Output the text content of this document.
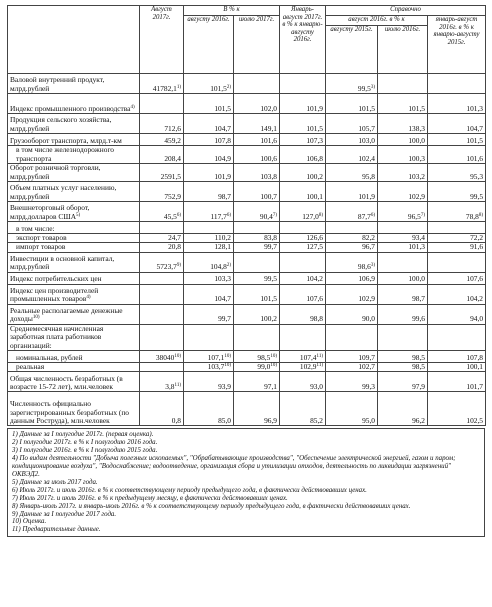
	Август 2017г.	В % к		Январь-август 2017г. в % к январю-августу 2016г.	Справочно		
		августу 2016г.	июлю 2017г.		август 2016г. в % к		январь-август 2016г. в % к январю-августу 2015г.
					августу 2015г.	июлю 2016г.	
Валовой внутренний продукт, млрд.рублей	41782,1$^{1)}$	101,5$^{2)}$			99,5$^{3)}$		
Индекс промышленного производства$^{4)}$		101,5	102,0	101,9	101,5	101,5	101,3
Продукция сельского хозяйства, млрд.рублей	712,6	104,7	149,1	101,5	105,7	138,3	104,7
Грузооборот транспорта, млрд.т-км	459,2	107,8	101,6	107,3	103,0	100,0	101,5
в том числе железнодорожного транспорта	208,4	104,9	100,6	106,8	102,4	100,3	101,6
Оборот розничной торговли, млрд.рублей	2591,5	101,9	103,8	100,2	95,8	103,2	95,3
Объем платных услуг населению, млрд.рублей	752,9	98,7	100,7	100,1	101,9	102,9	99,5
Внешнеторговый оборот, млрд.долларов США$^{5)}$	45,5$^{6)}$	117,7$^{6)}$	90,4$^{7)}$	127,0$^{8)}$	87,7$^{6)}$	96,5$^{7)}$	78,8$^{8)}$
в том числе:							
экспорт товаров	24,7	110,2	83,8	126,6	82,2	93,4	72,2
импорт товаров	20,8	128,1	99,7	127,5	96,7	101,3	91,6
Инвестиции в основной капитал, млрд.рублей	5723,7$^{9)}$	104,8$^{2)}$			98,6$^{3)}$		
Индекс потребительских цен		103,3	99,5	104,2	106,9	100,0	107,6
Индекс цен производителей промышленных товаров$^{4)}$		104,7	101,5	107,6	102,9	98,7	104,2
Реальные располагаемые денежные доходы$^{10)}$		99,7	100,2	98,8	90,0	99,6	94,0
Среднемесячная начисленная заработная плата работников организаций:							
номинальная, рублей	38040$^{10)}$	107,1$^{10)}$	98,5$^{10)}$	107,4$^{11)}$	109,7	98,5	107,8
реальная		103,7$^{10)}$	99,0$^{10)}$	102,9$^{11)}$	102,7	98,5	100,1
Общая численность безработных (в возрасте 15-72 лет), млн.человек	3,8$^{11)}$	93,9	97,1	93,0	99,3	97,9	101,7
Численность официально зарегистрированных безработных (по данным Роструда), млн.человек	0,8	85,0	96,9	85,2	95,0	96,2	102,5
1) Данные за I полугодие 2017г. (первая оценка).
2) I полугодие 2017г. в % к I полугодию 2016 года.
3) I полугодие 2016г. в % к I полугодию 2015 года.
4) По видам деятельности "Добыча полезных ископаемых", "Обрабатывающие производства", "Обеспечение электрической энергией, газом и паром; кондиционирование воздуха", "Водоснабжение; водоотведение, организация сбора и утилизации отходов, деятельность по ликвидации загрязнений" ОКВЭД2.
5) Данные за июль 2017 года.
6) Июль 2017г. и июль 2016г. в % к соответствующему периоду предыдущего года, в фактически действовавших ценах.
7) Июль 2017г. и июль 2016г. в % к предыдущему месяцу, в фактически действовавших ценах.
8) Январь-июль 2017г. и январь-июль 2016г. в % к соответствующему периоду предыдущего года, в фактически действовавших ценах.
9) Данные за I полугодие 2017 года.
10) Оценка.
11) Предварительные данные.
